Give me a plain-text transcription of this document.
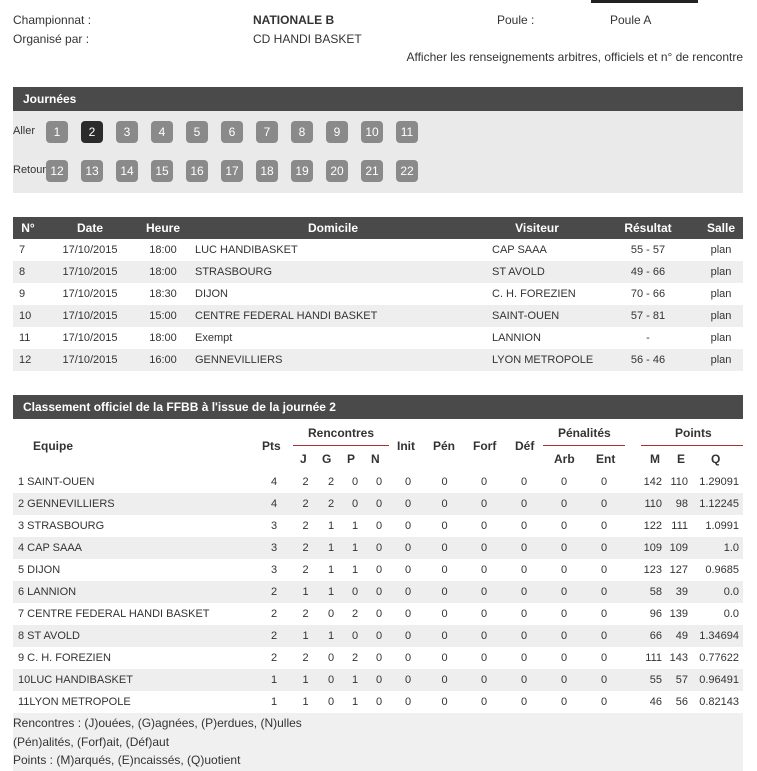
Championnat :	NATIONALE B	Poule :	Poule A
Organisé par :	CD HANDI BASKET
Afficher les renseignements arbitres, officiels et n° de rencontre
Journées
Aller
Retour
1	2	3	4	5	6	7	8	9	10	11
12	13	14	15	16	17	18	19	20	21	22
N°	Date	Heure	Domicile	Visiteur	Résultat	Salle
7	17/10/2015	18:00	LUC HANDIBASKET	CAP SAAA	55 - 57	plan
8	17/10/2015	18:00	STRASBOURG	ST AVOLD	49 - 66	plan
9	17/10/2015	18:30	DIJON	C. H. FOREZIEN	70 - 66	plan
10	17/10/2015	15:00	CENTRE FEDERAL HANDI BASKET	SAINT-OUEN	57 - 81	plan
11	17/10/2015	18:00	Exempt	LANNION	-	plan
12	17/10/2015	16:00	GENNEVILLIERS	LYON METROPOLE	56 - 46	plan
Classement officiel de la FFBB à l'issue de la journée 2
Equipe	Pts
Rencontres
J G P N
Init Pén Forf Déf
Pénalités
Arb Ent
Points
M E Q
1 SAINT-OUEN	4	2	2	0	0	0	0	0	0	0	0	142	110	1.29091
2 GENNEVILLIERS	4	2	2	0	0	0	0	0	0	0	0	110	98	1.12245
3 STRASBOURG	3	2	1	1	0	0	0	0	0	0	0	122	111	1.0991
4 CAP SAAA	3	2	1	1	0	0	0	0	0	0	0	109	109	1.0
5 DIJON	3	2	1	1	0	0	0	0	0	0	0	123	127	0.9685
6 LANNION	2	1	1	0	0	0	0	0	0	0	0	58	39	0.0
7 CENTRE FEDERAL HANDI BASKET	2	2	0	2	0	0	0	0	0	0	0	96	139	0.0
8 ST AVOLD	2	1	1	0	0	0	0	0	0	0	0	66	49	1.34694
9 C. H. FOREZIEN	2	2	0	2	0	0	0	0	0	0	0	111	143	0.77622
10LUC HANDIBASKET	1	1	0	1	0	0	0	0	0	0	0	55	57	0.96491
11LYON METROPOLE	1	1	0	1	0	0	0	0	0	0	0	46	56	0.82143
Rencontres : (J)ouées, (G)agnées, (P)erdues, (N)ulles
(Pén)alités, (Forf)ait, (Déf)aut
Points : (M)arqués, (E)ncaissés, (Q)uotient
